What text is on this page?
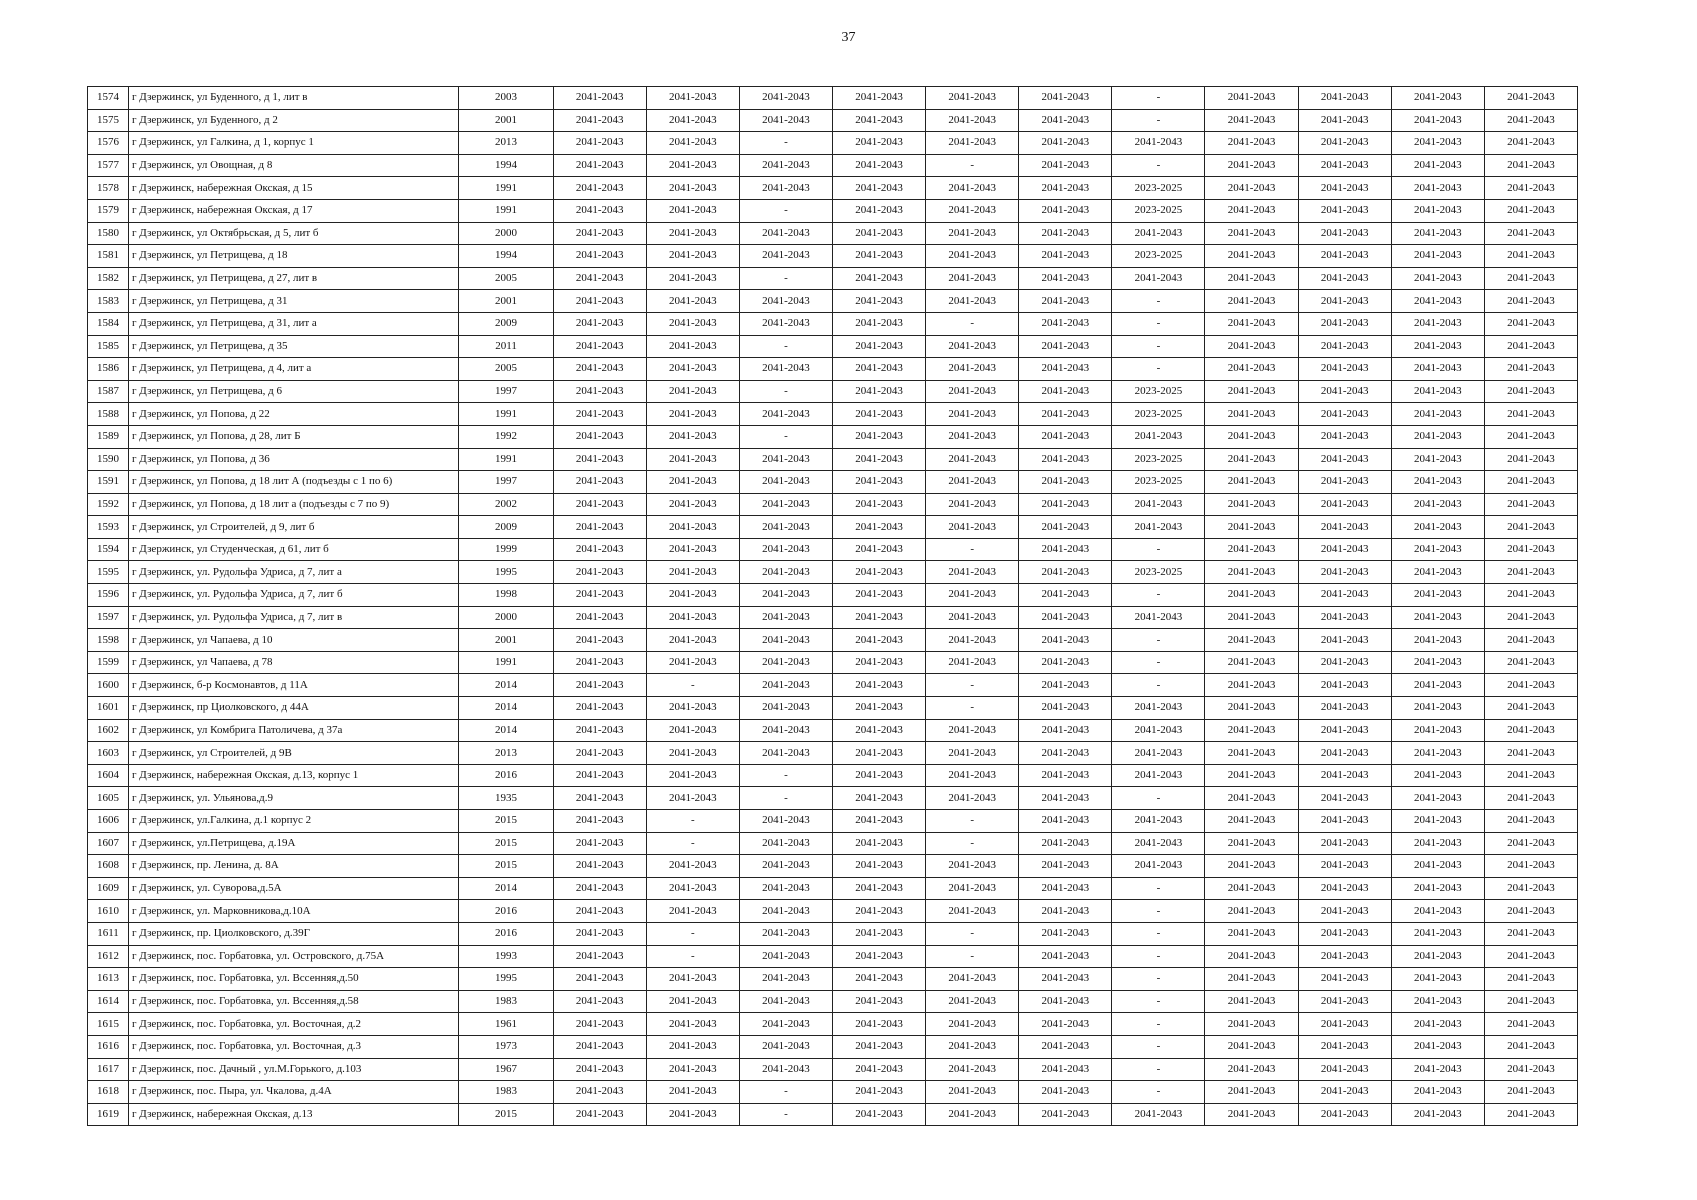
37
1574	г Дзержинск, ул Буденного, д 1, лит в	2003	2041-2043	2041-2043	2041-2043	2041-2043	2041-2043	2041-2043	-	2041-2043	2041-2043	2041-2043	2041-2043
1575	г Дзержинск, ул Буденного, д 2	2001	2041-2043	2041-2043	2041-2043	2041-2043	2041-2043	2041-2043	-	2041-2043	2041-2043	2041-2043	2041-2043
1576	г Дзержинск, ул Галкина, д 1, корпус 1	2013	2041-2043	2041-2043	-	2041-2043	2041-2043	2041-2043	2041-2043	2041-2043	2041-2043	2041-2043	2041-2043
1577	г Дзержинск, ул Овощная, д 8	1994	2041-2043	2041-2043	2041-2043	2041-2043	-	2041-2043	-	2041-2043	2041-2043	2041-2043	2041-2043
1578	г Дзержинск, набережная Окская, д 15	1991	2041-2043	2041-2043	2041-2043	2041-2043	2041-2043	2041-2043	2023-2025	2041-2043	2041-2043	2041-2043	2041-2043
1579	г Дзержинск, набережная Окская, д 17	1991	2041-2043	2041-2043	-	2041-2043	2041-2043	2041-2043	2023-2025	2041-2043	2041-2043	2041-2043	2041-2043
1580	г Дзержинск, ул Октябрьская, д 5, лит б	2000	2041-2043	2041-2043	2041-2043	2041-2043	2041-2043	2041-2043	2041-2043	2041-2043	2041-2043	2041-2043	2041-2043
1581	г Дзержинск, ул Петрищева, д 18	1994	2041-2043	2041-2043	2041-2043	2041-2043	2041-2043	2041-2043	2023-2025	2041-2043	2041-2043	2041-2043	2041-2043
1582	г Дзержинск, ул Петрищева, д 27, лит в	2005	2041-2043	2041-2043	-	2041-2043	2041-2043	2041-2043	2041-2043	2041-2043	2041-2043	2041-2043	2041-2043
1583	г Дзержинск, ул Петрищева, д 31	2001	2041-2043	2041-2043	2041-2043	2041-2043	2041-2043	2041-2043	-	2041-2043	2041-2043	2041-2043	2041-2043
1584	г Дзержинск, ул Петрищева, д 31, лит а	2009	2041-2043	2041-2043	2041-2043	2041-2043	-	2041-2043	-	2041-2043	2041-2043	2041-2043	2041-2043
1585	г Дзержинск, ул Петрищева, д 35	2011	2041-2043	2041-2043	-	2041-2043	2041-2043	2041-2043	-	2041-2043	2041-2043	2041-2043	2041-2043
1586	г Дзержинск, ул Петрищева, д 4, лит а	2005	2041-2043	2041-2043	2041-2043	2041-2043	2041-2043	2041-2043	-	2041-2043	2041-2043	2041-2043	2041-2043
1587	г Дзержинск, ул Петрищева, д 6	1997	2041-2043	2041-2043	-	2041-2043	2041-2043	2041-2043	2023-2025	2041-2043	2041-2043	2041-2043	2041-2043
1588	г Дзержинск, ул Попова, д 22	1991	2041-2043	2041-2043	2041-2043	2041-2043	2041-2043	2041-2043	2023-2025	2041-2043	2041-2043	2041-2043	2041-2043
1589	г Дзержинск, ул Попова, д 28, лит Б	1992	2041-2043	2041-2043	-	2041-2043	2041-2043	2041-2043	2041-2043	2041-2043	2041-2043	2041-2043	2041-2043
1590	г Дзержинск, ул Попова, д 36	1991	2041-2043	2041-2043	2041-2043	2041-2043	2041-2043	2041-2043	2023-2025	2041-2043	2041-2043	2041-2043	2041-2043
1591	г Дзержинск, ул Попова, д 18 лит А (подъезды с 1 по 6)	1997	2041-2043	2041-2043	2041-2043	2041-2043	2041-2043	2041-2043	2023-2025	2041-2043	2041-2043	2041-2043	2041-2043
1592	г Дзержинск, ул Попова, д 18 лит а (подъезды с 7 по 9)	2002	2041-2043	2041-2043	2041-2043	2041-2043	2041-2043	2041-2043	2041-2043	2041-2043	2041-2043	2041-2043	2041-2043
1593	г Дзержинск, ул Строителей, д 9, лит б	2009	2041-2043	2041-2043	2041-2043	2041-2043	2041-2043	2041-2043	2041-2043	2041-2043	2041-2043	2041-2043	2041-2043
1594	г Дзержинск, ул Студенческая, д 61, лит б	1999	2041-2043	2041-2043	2041-2043	2041-2043	-	2041-2043	-	2041-2043	2041-2043	2041-2043	2041-2043
1595	г Дзержинск, ул. Рудольфа Удриса, д 7, лит а	1995	2041-2043	2041-2043	2041-2043	2041-2043	2041-2043	2041-2043	2023-2025	2041-2043	2041-2043	2041-2043	2041-2043
1596	г Дзержинск, ул. Рудольфа Удриса, д 7, лит б	1998	2041-2043	2041-2043	2041-2043	2041-2043	2041-2043	2041-2043	-	2041-2043	2041-2043	2041-2043	2041-2043
1597	г Дзержинск, ул. Рудольфа Удриса, д 7, лит в	2000	2041-2043	2041-2043	2041-2043	2041-2043	2041-2043	2041-2043	2041-2043	2041-2043	2041-2043	2041-2043	2041-2043
1598	г Дзержинск, ул Чапаева, д 10	2001	2041-2043	2041-2043	2041-2043	2041-2043	2041-2043	2041-2043	-	2041-2043	2041-2043	2041-2043	2041-2043
1599	г Дзержинск, ул Чапаева, д 78	1991	2041-2043	2041-2043	2041-2043	2041-2043	2041-2043	2041-2043	-	2041-2043	2041-2043	2041-2043	2041-2043
1600	г Дзержинск, б-р Космонавтов, д 11А	2014	2041-2043	-	2041-2043	2041-2043	-	2041-2043	-	2041-2043	2041-2043	2041-2043	2041-2043
1601	г Дзержинск, пр Циолковского, д 44А	2014	2041-2043	2041-2043	2041-2043	2041-2043	-	2041-2043	2041-2043	2041-2043	2041-2043	2041-2043	2041-2043
1602	г Дзержинск, ул Комбрига Патоличева, д 37а	2014	2041-2043	2041-2043	2041-2043	2041-2043	2041-2043	2041-2043	2041-2043	2041-2043	2041-2043	2041-2043	2041-2043
1603	г Дзержинск, ул Строителей, д 9В	2013	2041-2043	2041-2043	2041-2043	2041-2043	2041-2043	2041-2043	2041-2043	2041-2043	2041-2043	2041-2043	2041-2043
1604	г Дзержинск, набережная Окская, д.13, корпус 1	2016	2041-2043	2041-2043	-	2041-2043	2041-2043	2041-2043	2041-2043	2041-2043	2041-2043	2041-2043	2041-2043
1605	г Дзержинск, ул. Ульянова,д.9	1935	2041-2043	2041-2043	-	2041-2043	2041-2043	2041-2043	-	2041-2043	2041-2043	2041-2043	2041-2043
1606	г Дзержинск, ул.Галкина, д.1 корпус 2	2015	2041-2043	-	2041-2043	2041-2043	-	2041-2043	2041-2043	2041-2043	2041-2043	2041-2043	2041-2043
1607	г Дзержинск, ул.Петрищева, д.19А	2015	2041-2043	-	2041-2043	2041-2043	-	2041-2043	2041-2043	2041-2043	2041-2043	2041-2043	2041-2043
1608	г Дзержинск, пр. Ленина, д. 8А	2015	2041-2043	2041-2043	2041-2043	2041-2043	2041-2043	2041-2043	2041-2043	2041-2043	2041-2043	2041-2043	2041-2043
1609	г Дзержинск, ул. Суворова,д.5А	2014	2041-2043	2041-2043	2041-2043	2041-2043	2041-2043	2041-2043	-	2041-2043	2041-2043	2041-2043	2041-2043
1610	г Дзержинск, ул. Марковникова,д.10А	2016	2041-2043	2041-2043	2041-2043	2041-2043	2041-2043	2041-2043	-	2041-2043	2041-2043	2041-2043	2041-2043
1611	г Дзержинск, пр. Циолковского, д.39Г	2016	2041-2043	-	2041-2043	2041-2043	-	2041-2043	-	2041-2043	2041-2043	2041-2043	2041-2043
1612	г Дзержинск, пос. Горбатовка, ул. Островского, д.75А	1993	2041-2043	-	2041-2043	2041-2043	-	2041-2043	-	2041-2043	2041-2043	2041-2043	2041-2043
1613	г Дзержинск, пос. Горбатовка, ул. Вссенняя,д.50	1995	2041-2043	2041-2043	2041-2043	2041-2043	2041-2043	2041-2043	-	2041-2043	2041-2043	2041-2043	2041-2043
1614	г Дзержинск, пос. Горбатовка, ул. Вссенняя,д.58	1983	2041-2043	2041-2043	2041-2043	2041-2043	2041-2043	2041-2043	-	2041-2043	2041-2043	2041-2043	2041-2043
1615	г Дзержинск, пос. Горбатовка, ул. Восточная, д.2	1961	2041-2043	2041-2043	2041-2043	2041-2043	2041-2043	2041-2043	-	2041-2043	2041-2043	2041-2043	2041-2043
1616	г Дзержинск, пос. Горбатовка, ул. Восточная, д.3	1973	2041-2043	2041-2043	2041-2043	2041-2043	2041-2043	2041-2043	-	2041-2043	2041-2043	2041-2043	2041-2043
1617	г Дзержинск, пос. Дачный , ул.М.Горького, д.103	1967	2041-2043	2041-2043	2041-2043	2041-2043	2041-2043	2041-2043	-	2041-2043	2041-2043	2041-2043	2041-2043
1618	г Дзержинск, пос. Пыра, ул. Чкалова, д.4А	1983	2041-2043	2041-2043	-	2041-2043	2041-2043	2041-2043	-	2041-2043	2041-2043	2041-2043	2041-2043
1619	г Дзержинск, набережная Окская, д.13	2015	2041-2043	2041-2043	-	2041-2043	2041-2043	2041-2043	2041-2043	2041-2043	2041-2043	2041-2043	2041-2043
